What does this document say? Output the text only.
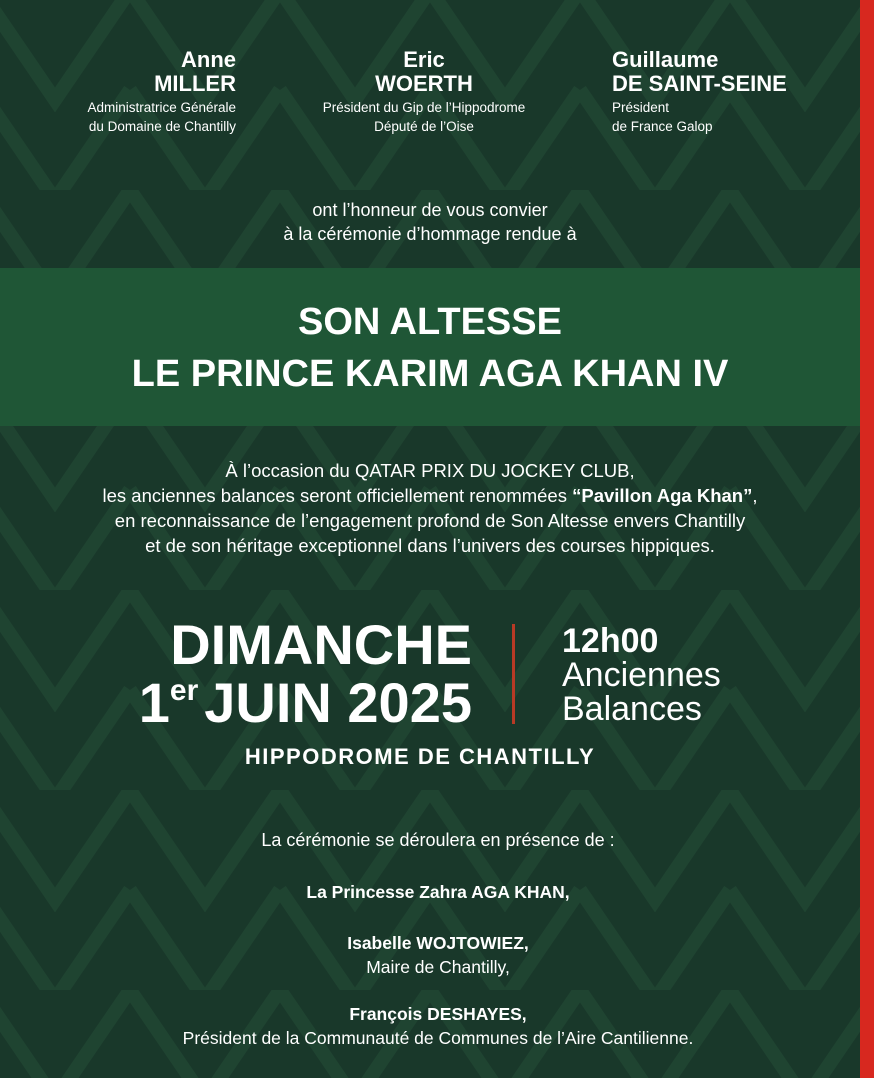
Anne
MILLER
Administratrice Générale
du Domaine de Chantilly
Eric
WOERTH
Président du Gip de l’Hippodrome
Député de l’Oise
Guillaume
DE SAINT-SEINE
Président
de France Galop
ont l’honneur de vous convier
à la cérémonie d’hommage rendue à
SON ALTESSE
LE PRINCE KARIM AGA KHAN IV
À l’occasion du QATAR PRIX DU JOCKEY CLUB,
les anciennes balances seront officiellement renommées “Pavillon Aga Khan”,
en reconnaissance de l’engagement profond de Son Altesse envers Chantilly
et de son héritage exceptionnel dans l’univers des courses hippiques.
DIMANCHE
1er JUIN 2025
12h00
Anciennes
Balances
HIPPODROME DE CHANTILLY
La cérémonie se déroulera en présence de :
La Princesse Zahra AGA KHAN,
Isabelle WOJTOWIEZ,
Maire de Chantilly,
François DESHAYES,
Président de la Communauté de Communes de l’Aire Cantilienne.
